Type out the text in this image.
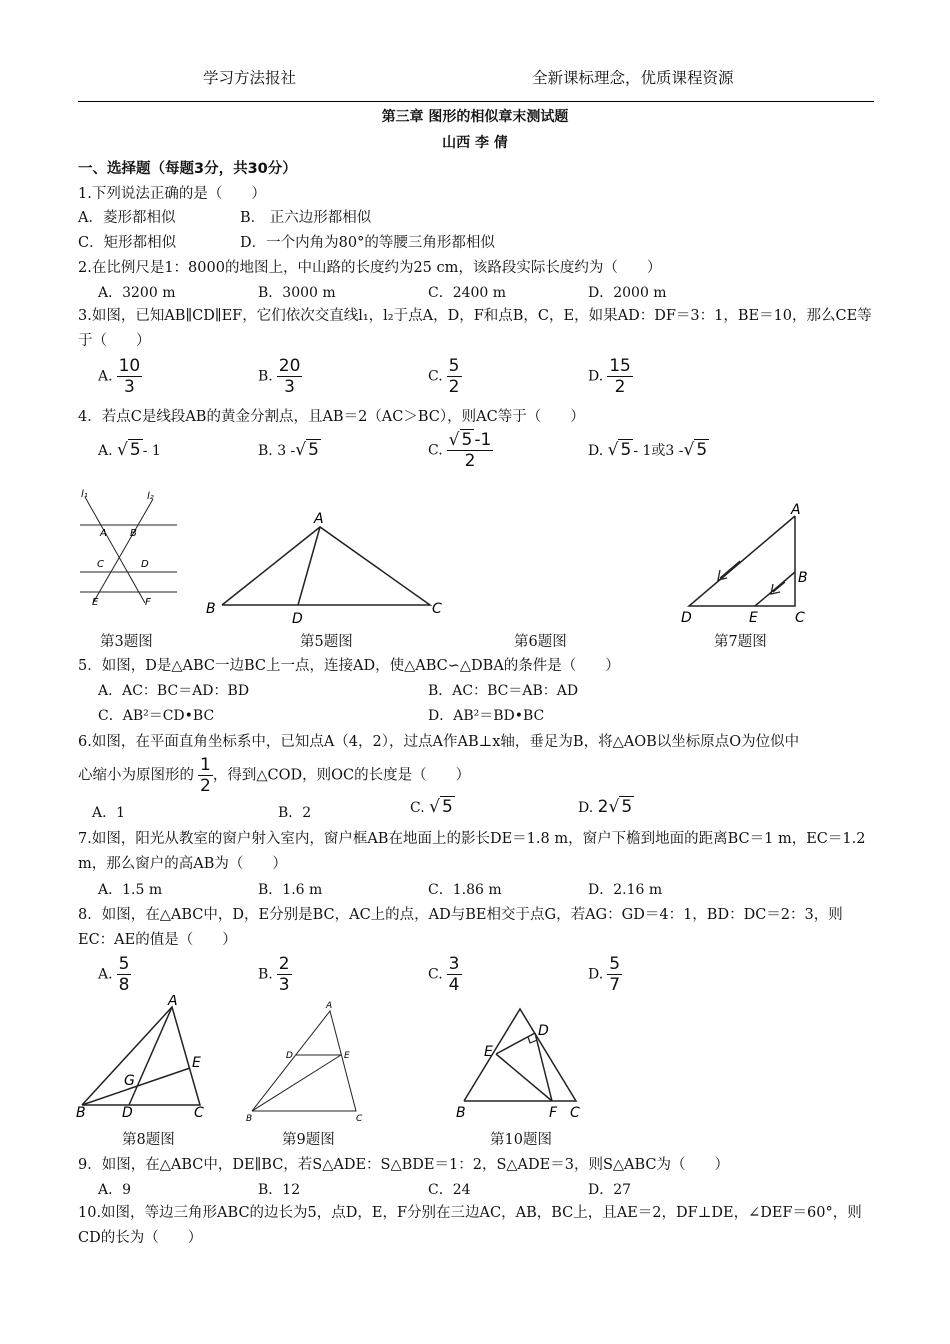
学习方法报社	全新课标理念，优质课程资源
第三章 图形的相似章末测试题
山西 李 倩
一、选择题（每题3分，共30分）
1.下列说法正确的是（　　）
A．菱形都相似	B． 正六边形都相似
C．矩形都相似	D．一个内角为80°的等腰三角形都相似
2.在比例尺是1：8000的地图上，中山路的长度约为25 cm，该路段实际长度约为（　　）
A．3200 m	B．3000 m	C．2400 m	D．2000 m
3.如图，已知AB∥CD∥EF，它们依次交直线l₁，l₂于点A，D，F和点B，C，E，如果AD：DF＝3：1，BE＝10，那么CE等于（　　）
A. $\frac{10}{3}$	B. $\frac{20}{3}$	C. $\frac{5}{2}$	D. $\frac{15}{2}$
4．若点C是线段AB的黄金分割点，且AB＝2（AC＞BC），则AC等于（　　）
A. √ 5 - 1	B. 3 -√ 5	C. $\frac{√ 5 -1}{2}$	D. √ 5 - 1或3 -√ 5
l₁	l₂
A B
C	D
E	F
A
B	C
D
A
B
C
D	E
第3题图	第5题图	第6题图	第7题图
5．如图，D是△ABC一边BC上一点，连接AD，使△ABC∽△DBA的条件是（　　）
A．AC：BC＝AD：BD	B．AC：BC＝AB：AD
C．AB²＝CD•BC	D．AB²＝BD•BC
6.如图，在平面直角坐标系中，已知点A（4，2），过点A作AB⊥x轴，垂足为B，将△AOB以坐标原点O为位似中
心缩小为原图形的 $\frac{1}{2}$ ，得到△COD，则OC的长度是（　　）
A．1	B．2	C. √ 5	D. 2√ 5
7.如图，阳光从教室的窗户射入室内，窗户框AB在地面上的影长DE＝1.8 m，窗户下檐到地面的距离BC＝1 m，EC＝1.2 m，那么窗户的高AB为（　　）
A．1.5 m	B．1.6 m	C．1.86 m	D．2.16 m
8．如图，在△ABC中，D，E分别是BC，AC上的点，AD与BE相交于点G，若AG：GD＝4：1，BD：DC＝2：3，则EC：AE的值是（　　）
A. $\frac{5}{8}$	B. $\frac{2}{3}$	C. $\frac{3}{4}$	D. $\frac{5}{7}$
A
B	C
D
E
G
A
B	C
D	E
B	C
D
E
F
第8题图	第9题图	第10题图
9．如图，在△ABC中，DE∥BC，若S△ADE：S△BDE＝1：2，S△ADE＝3，则S△ABC为（　　）
A．9	B．12	C．24	D．27
10.如图，等边三角形ABC的边长为5，点D，E，F分别在三边AC，AB，BC上，且AE＝2，DF⊥DE，∠DEF＝60°，则CD的长为（　　）
